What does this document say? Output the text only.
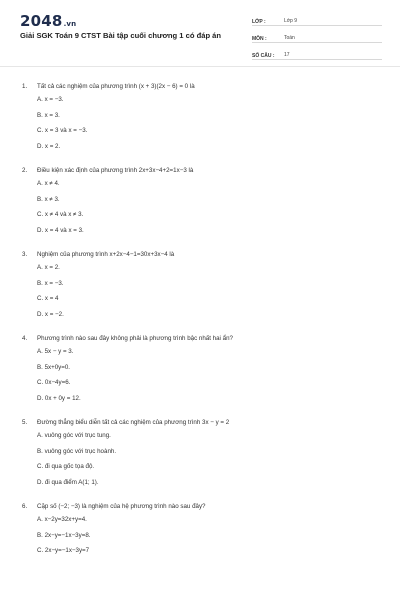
2048.vn
Giải SGK Toán 9 CTST Bài tập cuối chương 1 có đáp án
LỚP :	Lớp 9
MÔN :	Toán
SỐ CÂU :	17
1.	Tất cả các nghiệm của phương trình (x + 3)(2x − 6) = 0 là
A. x = −3.
B. x = 3.
C. x = 3 và x = −3.
D. x = 2.
2.	Điều kiện xác định của phương trình 2x+3x−4+2=1x−3 là
A. x ≠ 4.
B. x ≠ 3.
C. x ≠ 4 và x ≠ 3.
D. x = 4 và x = 3.
3.	Nghiệm của phương trình x+2x−4−1=30x+3x−4 là
A. x = 2.
B. x = −3.
C. x = 4
D. x = −2.
4.	Phương trình nào sau đây không phải là phương trình bậc nhất hai ẩn?
A. 5x − y = 3.
B. 5x+0y=0.
C. 0x−4y=6.
D. 0x + 0y = 12.
5.	Đường thẳng biểu diễn tất cả các nghiệm của phương trình 3x − y = 2
A. vuông góc với trục tung.
B. vuông góc với trục hoành.
C. đi qua gốc tọa độ.
D. đi qua điểm A(1; 1).
6.	Cặp số (−2; −3) là nghiệm của hệ phương trình nào sau đây?
A. x−2y=32x+y=4.
B. 2x−y=−1x−3y=8.
C. 2x−y=−1x−3y=7
